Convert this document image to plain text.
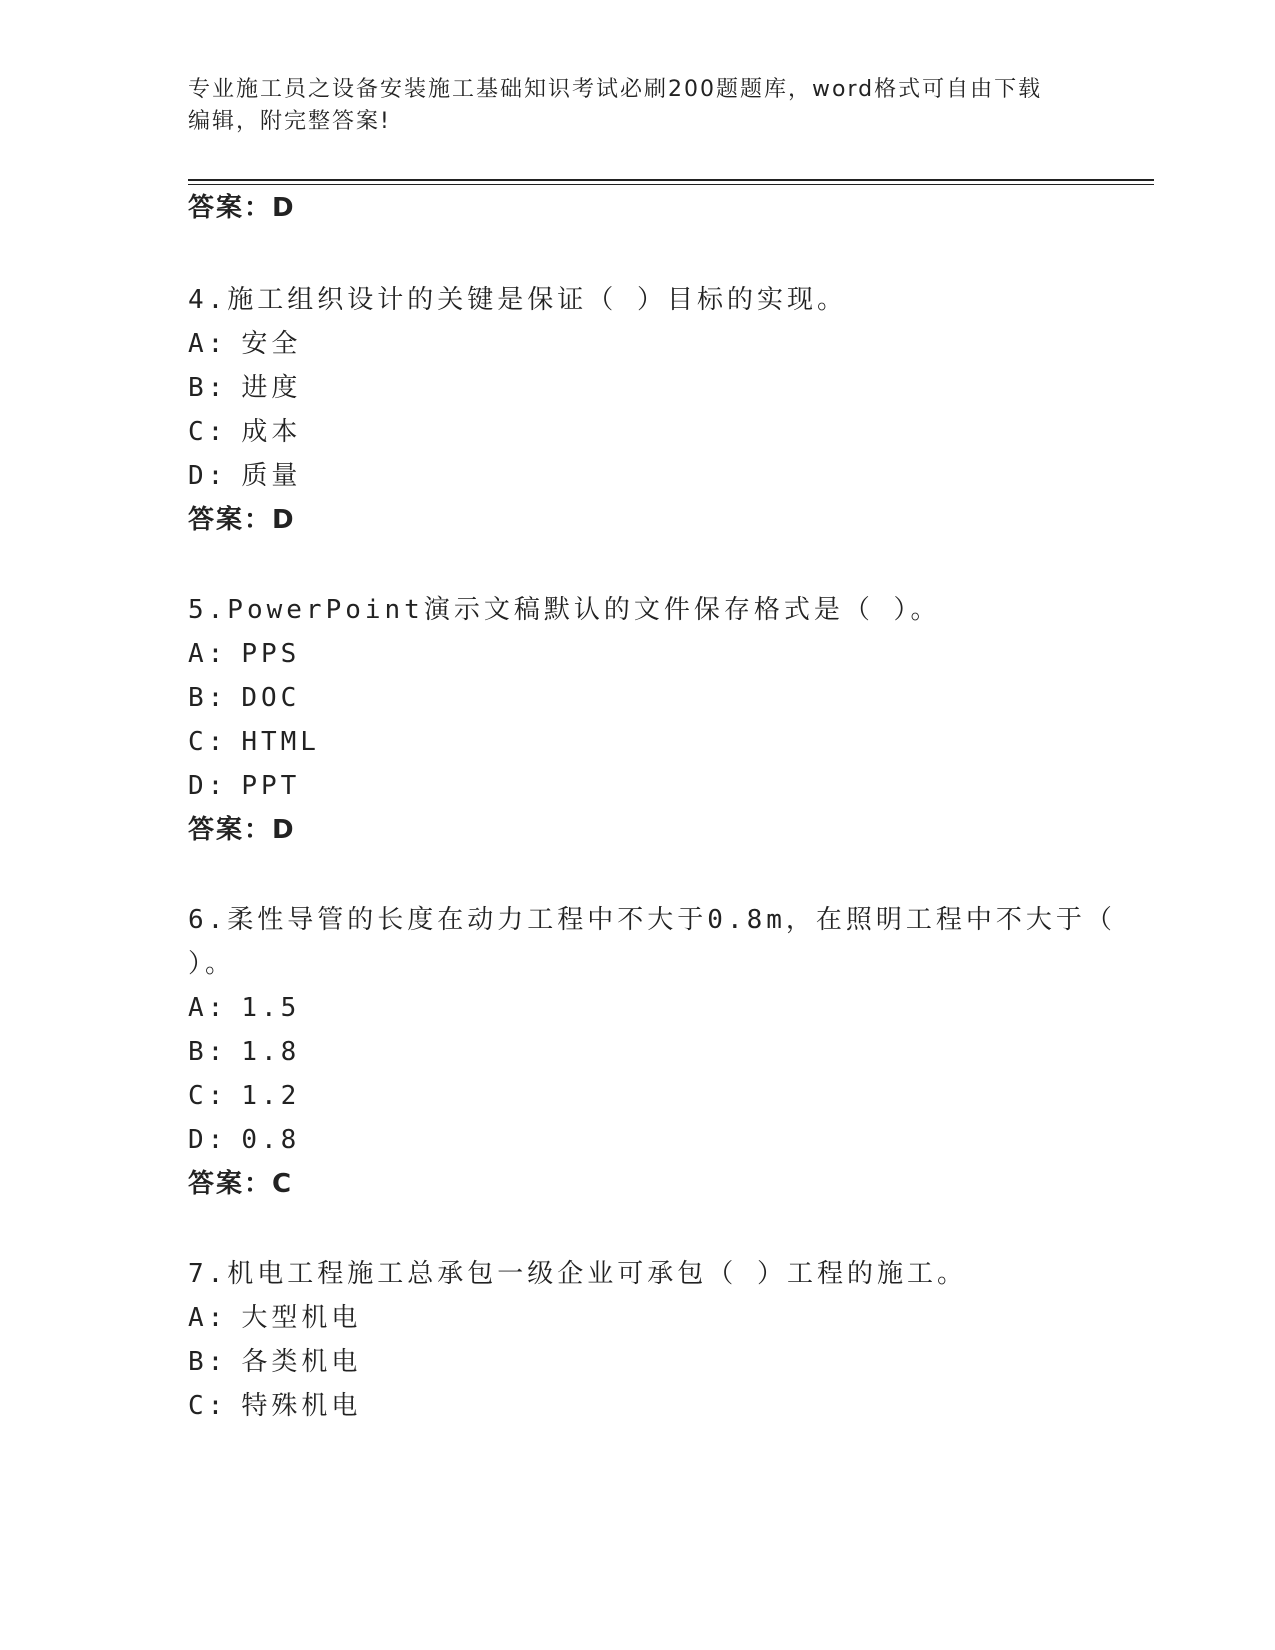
专业施工员之设备安装施工基础知识考试必刷200题题库，word格式可自由下载
编辑，附完整答案!
答案：D
4.施工组织设计的关键是保证（ ）目标的实现。
A: 安全
B: 进度
C: 成本
D: 质量
答案：D
5.PowerPoint演示文稿默认的文件保存格式是（ ）。
A: PPS
B: DOC
C: HTML
D: PPT
答案：D
6.柔性导管的长度在动力工程中不大于0.8m，在照明工程中不大于（
）。
A: 1.5
B: 1.8
C: 1.2
D: 0.8
答案：C
7.机电工程施工总承包一级企业可承包（ ）工程的施工。
A: 大型机电
B: 各类机电
C: 特殊机电
